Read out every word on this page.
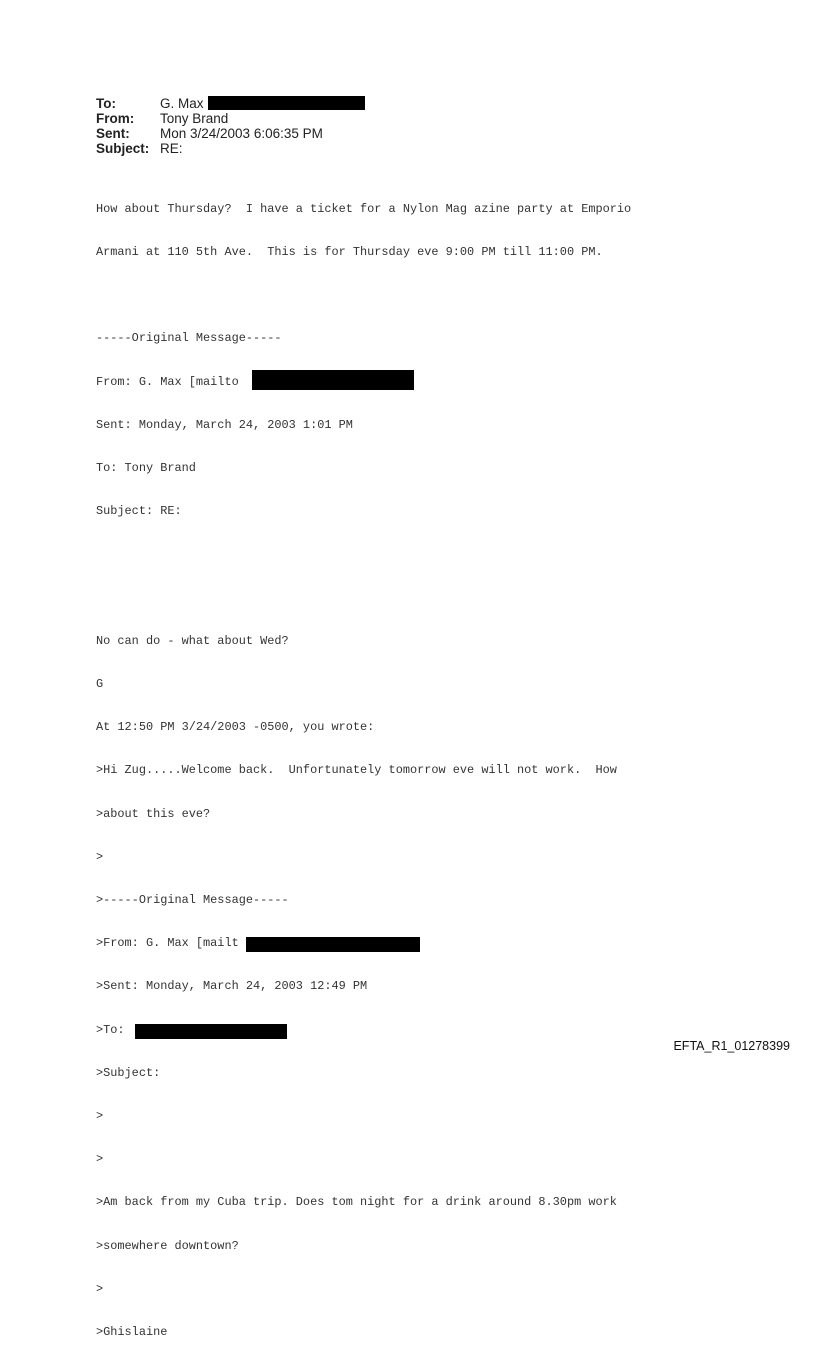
To:	G. Max
From:	Tony Brand
Sent:	Mon 3/24/2003 6:06:35 PM
Subject: RE:

How about Thursday?  I have a ticket for a Nylon Mag azine party at Emporio

Armani at 110 5th Ave.  This is for Thursday eve 9:00 PM till 11:00 PM.

-----Original Message-----

From: G. Max [mailto

Sent: Monday, March 24, 2003 1:01 PM

To: Tony Brand

Subject: RE:

No can do - what about Wed?

G

At 12:50 PM 3/24/2003 -0500, you wrote:

>Hi Zug.....Welcome back.  Unfortunately tomorrow eve will not work.  How

>about this eve?

>

>-----Original Message-----

>From: G. Max [mailt

>Sent: Monday, March 24, 2003 12:49 PM

>To:

>Subject:

>

>

>Am back from my Cuba trip. Does tom night for a drink around 8.30pm work

>somewhere downtown?

>

>Ghislaine

EFTA_R1_01278399
